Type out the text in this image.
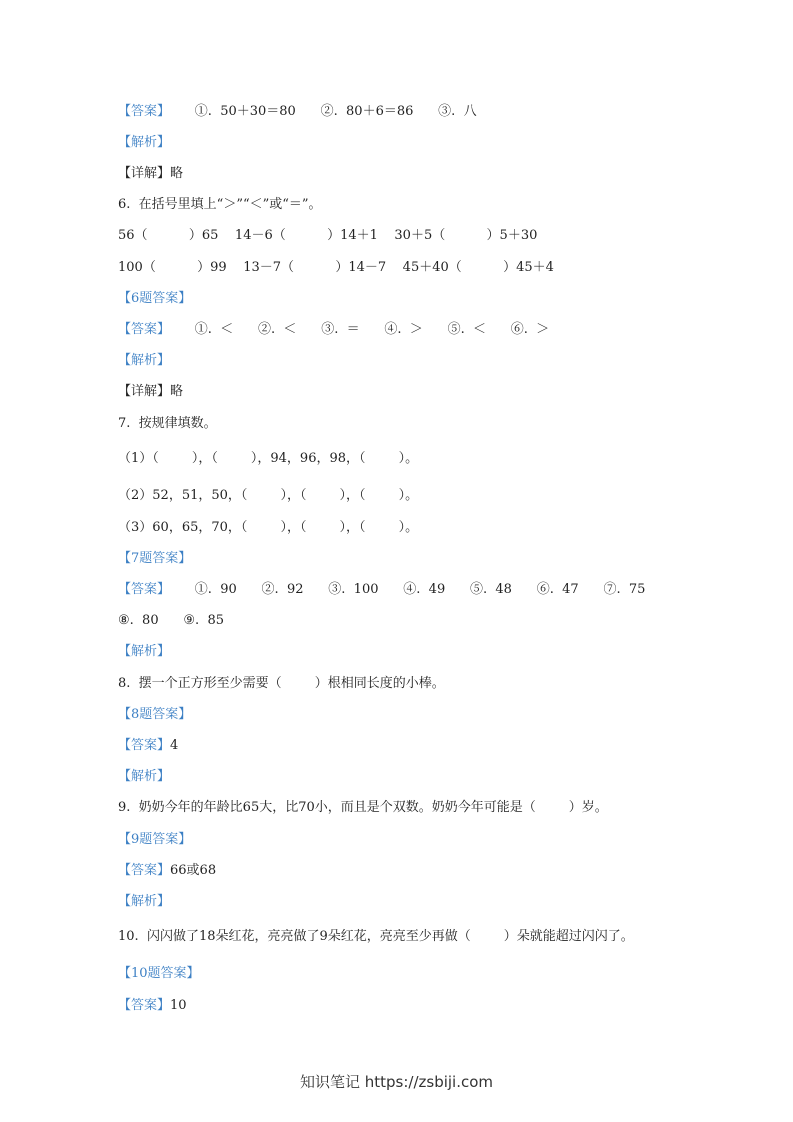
【答案】      ①.  50＋30＝80      ②.  80＋6＝86      ③.  八
【解析】
【详解】略
6.  在括号里填上“＞”“＜”或“＝”。
56（          ）65    14－6（          ）14＋1    30＋5（          ）5＋30
100（          ）99    13－7（          ）14－7    45＋40（          ）45＋4
【6题答案】
【答案】      ①.  ＜      ②.  ＜      ③.  ＝      ④.  ＞      ⑤.  ＜      ⑥.  ＞
【解析】
【详解】略
7.  按规律填数。
（1）（        ），（        ），94，96，98，（        ）。
（2）52，51，50，（        ），（        ），（        ）。
（3）60，65，70，（        ），（        ），（        ）。
【7题答案】
【答案】      ①.  90      ②.  92      ③.  100      ④.  49      ⑤.  48      ⑥.  47      ⑦.  75
⑧.  80      ⑨.  85
【解析】
8.  摆一个正方形至少需要（        ）根相同长度的小棒。
【8题答案】
【答案】4
【解析】
9.  奶奶今年的年龄比65大，比70小，而且是个双数。奶奶今年可能是（        ）岁。
【9题答案】
【答案】66或68
【解析】
10.  闪闪做了18朵红花，亮亮做了9朵红花，亮亮至少再做（        ）朵就能超过闪闪了。
【10题答案】
【答案】10
知识笔记 https://zsbiji.com
